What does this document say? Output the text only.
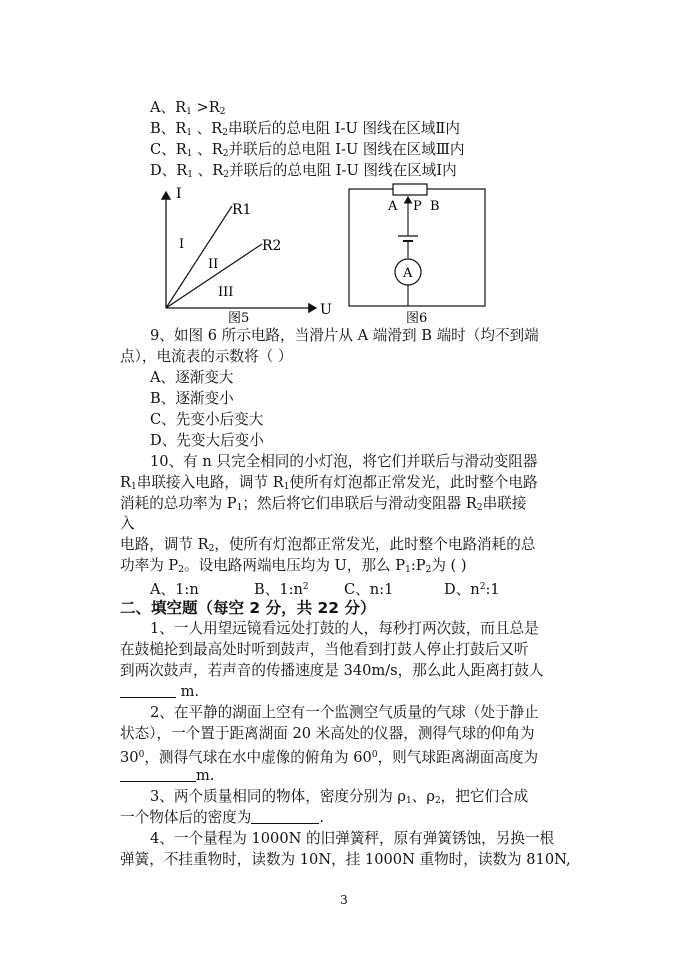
A、$R_1 >R_2$
B、$R_1$ 、$R_2$串联后的总电阻 I-U 图线在区域Ⅱ内
C、$R_1$ 、$R_2$并联后的总电阻 I-U 图线在区域Ⅲ内
D、$R_1$ 、$R_2$并联后的总电阻 I-U 图线在区域Ⅰ内
I
U
R1
R2
I
II
III
图5
A
A P B
图6
9、如图 6 所示电路，当滑片从 A 端滑到 B 端时（均不到端
点），电流表的示数将（ ）
A、逐渐变大
B、逐渐变小
C、先变小后变大
D、先变大后变小
10、有 n 只完全相同的小灯泡，将它们并联后与滑动变阻器
$R_1$串联接入电路，调节 $R_1$使所有灯泡都正常发光，此时整个电路
消耗的总功率为 $P_1$；然后将它们串联后与滑动变阻器 $R_2$串联接
入
电路，调节 $R_2$，使所有灯泡都正常发光，此时整个电路消耗的总
功率为 $P_2$。设电路两端电压均为 U，那么 $P_1:P_2$为 ( )
A、1:n	B、$1:n^2$ C、n:1	D、$n^2:1$
二、填空题（每空 2 分，共 22 分）
1、一人用望远镜看远处打鼓的人，每秒打两次鼓，而且总是
在鼓槌抡到最高处时听到鼓声，当他看到打鼓人停止打鼓后又听
到两次鼓声，若声音的传播速度是 340m/s，那么此人距离打鼓人
m.
2、在平静的湖面上空有一个监测空气质量的气球（处于静止
状态），一个置于距离湖面 20 米高处的仪器，测得气球的仰角为
$30^0$，测得气球在水中虚像的俯角为 $60^0$，则气球距离湖面高度为
m.
3、两个质量相同的物体，密度分别为 $\rho_1$、$\rho_2$，把它们合成
一个物体后的密度为	.
4、一个量程为 1000N 的旧弹簧秤，原有弹簧锈蚀，另换一根
弹簧，不挂重物时，读数为 10N，挂 1000N 重物时，读数为 810N,
3
